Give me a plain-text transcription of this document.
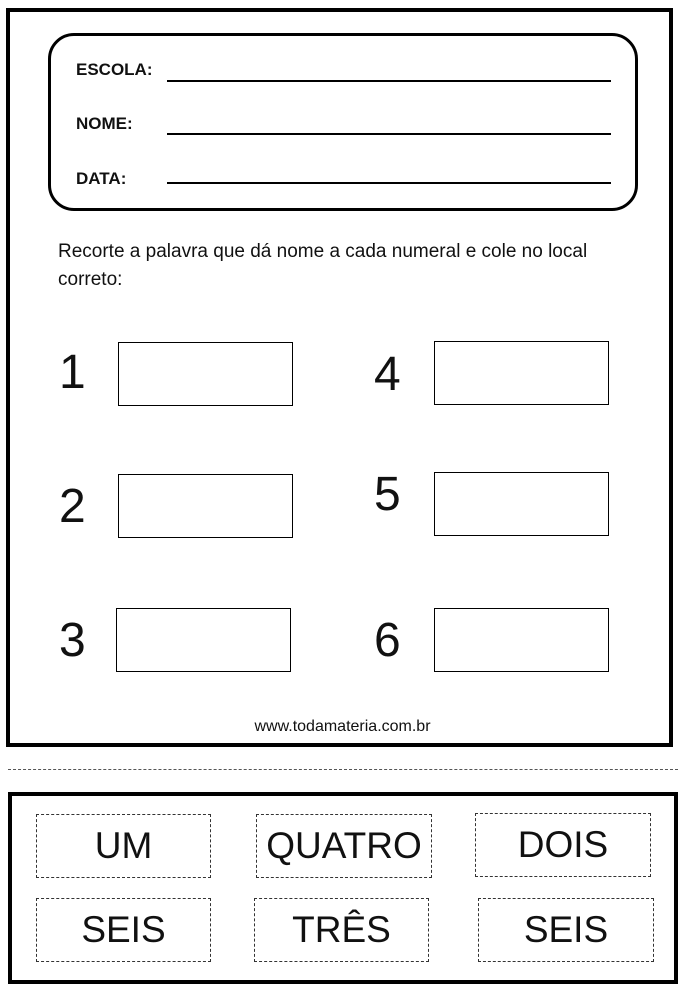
ESCOLA:
NOME:
DATA:
Recorte a palavra que dá nome a cada numeral e cole no local correto:
1
2
3
4
5
6
www.todamateria.com.br
UM	QUATRO	DOIS
SEIS	TRÊS	SEIS
